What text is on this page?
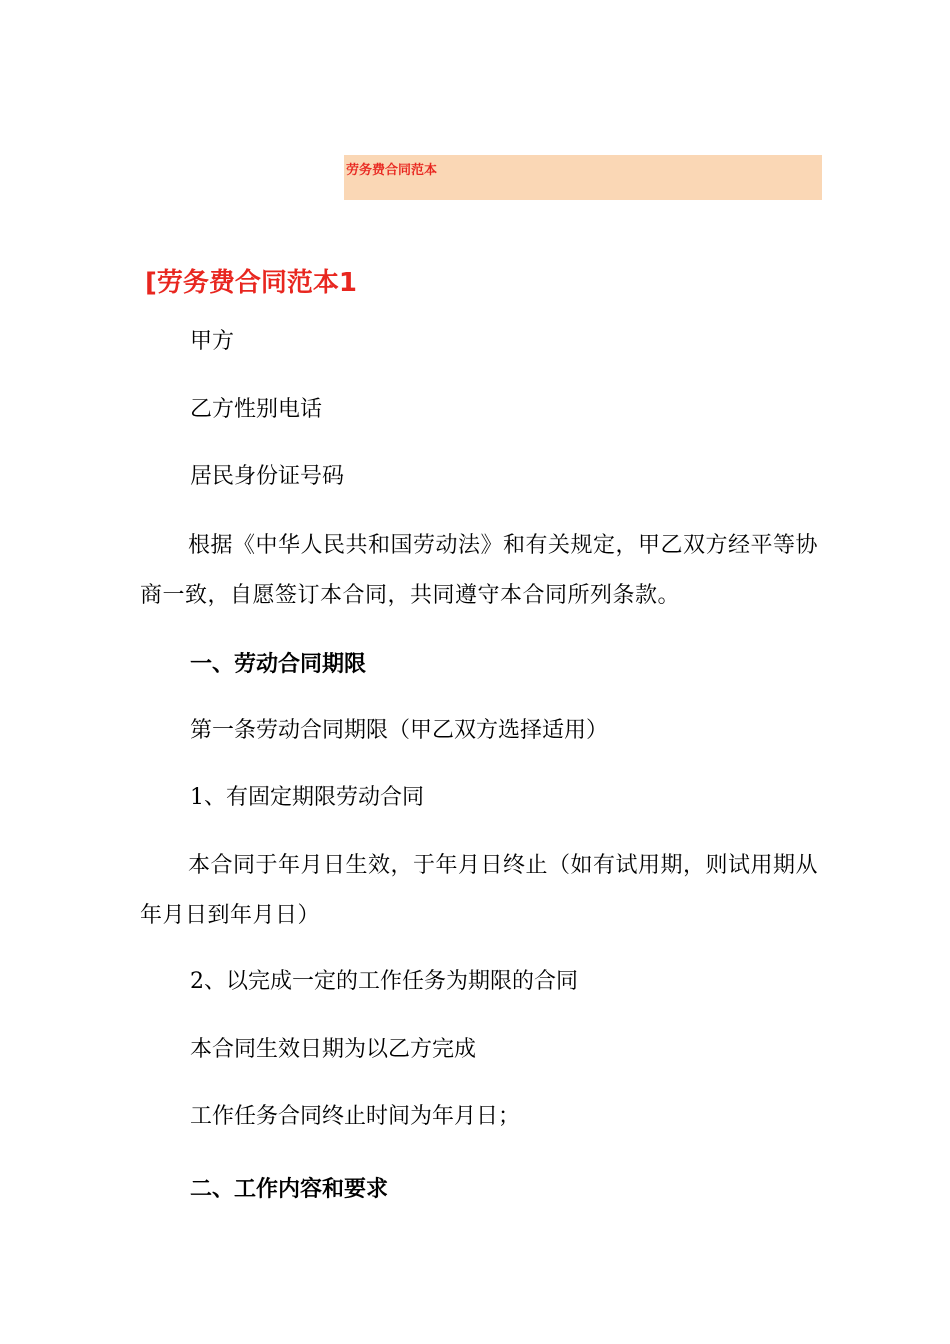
劳务费合同范本
[劳务费合同范本1
甲方
乙方性别电话
居民身份证号码
根据《中华人民共和国劳动法》和有关规定，甲乙双方经平等协商一致，自愿签订本合同，共同遵守本合同所列条款。
一、劳动合同期限
第一条劳动合同期限（甲乙双方选择适用）
1、有固定期限劳动合同
本合同于年月日生效，于年月日终止（如有试用期，则试用期从年月日到年月日）
2、以完成一定的工作任务为期限的合同
本合同生效日期为以乙方完成
工作任务合同终止时间为年月日；
二、工作内容和要求
